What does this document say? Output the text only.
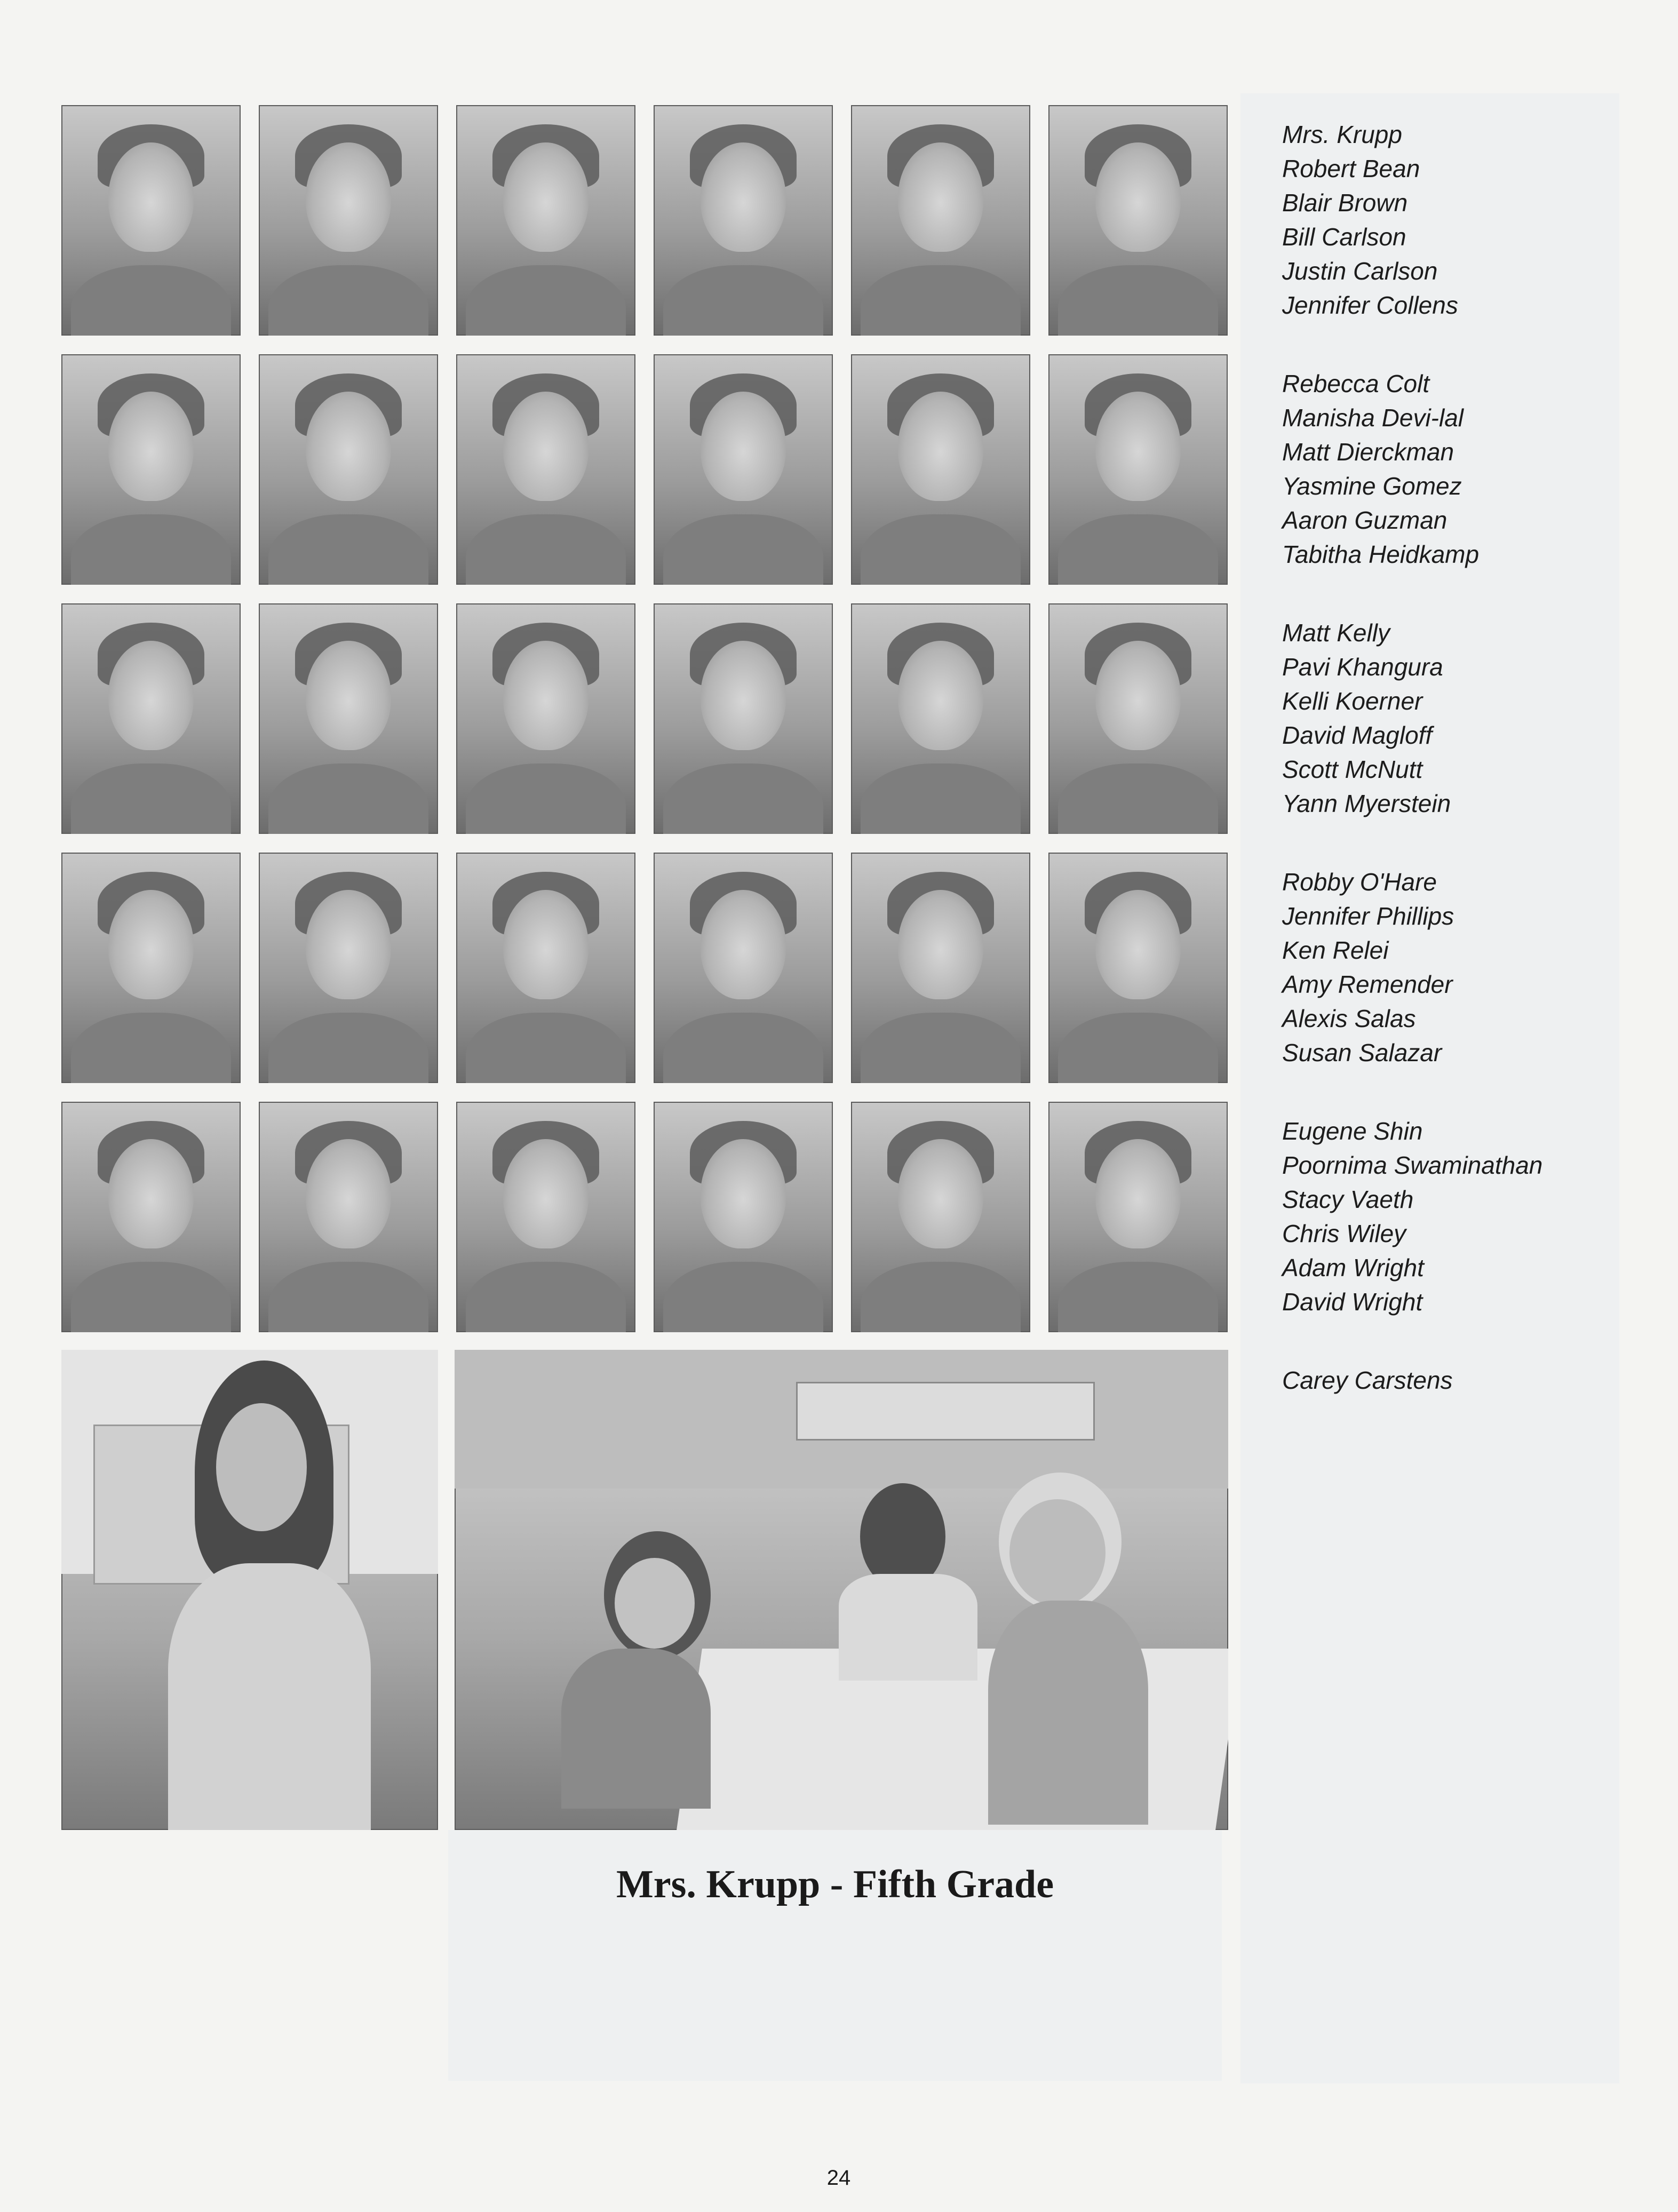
Mrs. Krupp
Robert Bean
Blair Brown
Bill Carlson
Justin Carlson
Jennifer Collens
Rebecca Colt
Manisha Devi-lal
Matt Dierckman
Yasmine Gomez
Aaron Guzman
Tabitha Heidkamp
Matt Kelly
Pavi Khangura
Kelli Koerner
David Magloff
Scott McNutt
Yann Myerstein
Robby O'Hare
Jennifer Phillips
Ken Relei
Amy Remender
Alexis Salas
Susan Salazar
Eugene Shin
Poornima Swaminathan
Stacy Vaeth
Chris Wiley
Adam Wright
David Wright
Carey Carstens
Mrs. Krupp - Fifth Grade
24
